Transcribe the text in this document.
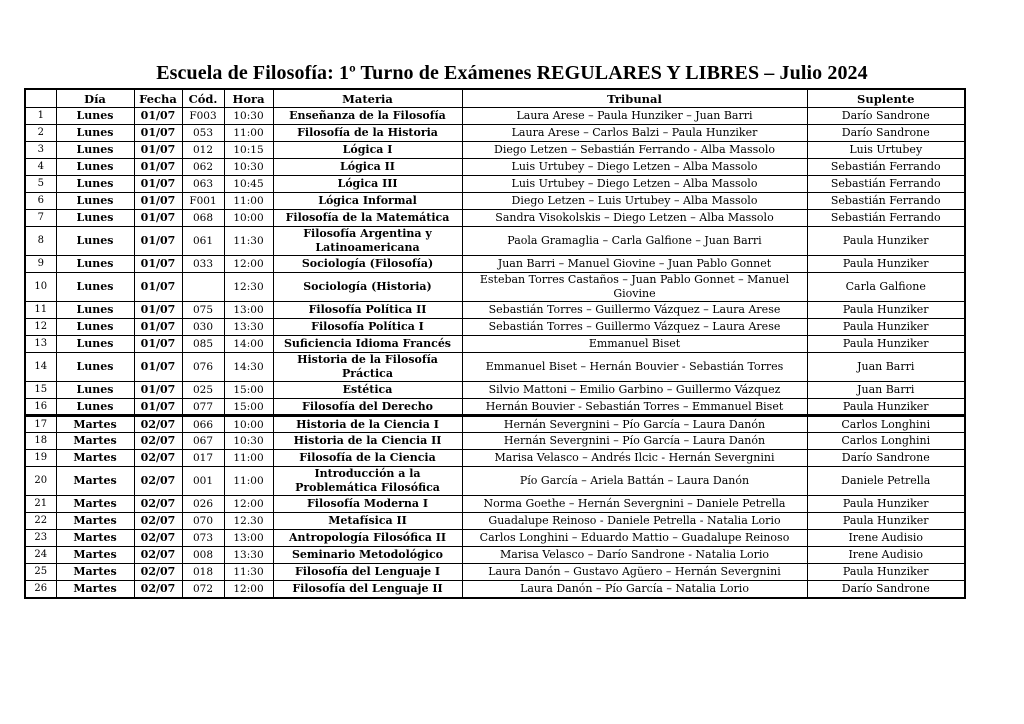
Escuela de Filosofía: 1º Turno de Exámenes REGULARES Y LIBRES – Julio 2024
	Día	Fecha	Cód.	Hora	Materia	Tribunal	Suplente
1	Lunes	01/07	F003	10:30	Enseñanza de la Filosofía	Laura Arese – Paula Hunziker – Juan Barri	Darío Sandrone
2	Lunes	01/07	053	11:00	Filosofía de la Historia	Laura Arese – Carlos Balzi – Paula Hunziker	Darío Sandrone
3	Lunes	01/07	012	10:15	Lógica I	Diego Letzen – Sebastián Ferrando - Alba Massolo	Luis Urtubey
4	Lunes	01/07	062	10:30	Lógica II	Luis Urtubey – Diego Letzen – Alba Massolo	Sebastián Ferrando
5	Lunes	01/07	063	10:45	Lógica III	Luis Urtubey – Diego Letzen – Alba Massolo	Sebastián Ferrando
6	Lunes	01/07	F001	11:00	Lógica Informal	Diego Letzen – Luis Urtubey – Alba Massolo	Sebastián Ferrando
7	Lunes	01/07	068	10:00	Filosofía de la Matemática	Sandra Visokolskis – Diego Letzen – Alba Massolo	Sebastián Ferrando
8	Lunes	01/07	061	11:30	Filosofía Argentina y Latinoamericana	Paola Gramaglia – Carla Galfione – Juan Barri	Paula Hunziker
9	Lunes	01/07	033	12:00	Sociología (Filosofía)	Juan Barri – Manuel Giovine – Juan Pablo Gonnet	Paula Hunziker
10	Lunes	01/07		12:30	Sociología (Historia)	Esteban Torres Castaños – Juan Pablo Gonnet – Manuel Giovine	Carla Galfione
11	Lunes	01/07	075	13:00	Filosofía Política II	Sebastián Torres – Guillermo Vázquez – Laura Arese	Paula Hunziker
12	Lunes	01/07	030	13:30	Filosofía Política I	Sebastián Torres – Guillermo Vázquez – Laura Arese	Paula Hunziker
13	Lunes	01/07	085	14:00	Suficiencia Idioma Francés	Emmanuel Biset	Paula Hunziker
14	Lunes	01/07	076	14:30	Historia de la Filosofía Práctica	Emmanuel Biset – Hernán Bouvier - Sebastián Torres	Juan Barri
15	Lunes	01/07	025	15:00	Estética	Silvio Mattoni – Emilio Garbino – Guillermo Vázquez	Juan Barri
16	Lunes	01/07	077	15:00	Filosofía del Derecho	Hernán Bouvier - Sebastián Torres – Emmanuel Biset	Paula Hunziker
17	Martes	02/07	066	10:00	Historia de la Ciencia I	Hernán Severgnini – Pío García – Laura Danón	Carlos Longhini
18	Martes	02/07	067	10:30	Historia de la Ciencia II	Hernán Severgnini – Pío García – Laura Danón	Carlos Longhini
19	Martes	02/07	017	11:00	Filosofía de la Ciencia	Marisa Velasco – Andrés Ilcic - Hernán Severgnini	Darío Sandrone
20	Martes	02/07	001	11:00	Introducción a la Problemática Filosófica	Pío García – Ariela Battán – Laura Danón	Daniele Petrella
21	Martes	02/07	026	12:00	Filosofía Moderna I	Norma Goethe – Hernán Severgnini – Daniele Petrella	Paula Hunziker
22	Martes	02/07	070	12.30	Metafísica II	Guadalupe Reinoso - Daniele Petrella - Natalia Lorio	Paula Hunziker
23	Martes	02/07	073	13:00	Antropología Filosófica II	Carlos Longhini – Eduardo Mattio – Guadalupe Reinoso	Irene Audisio
24	Martes	02/07	008	13:30	Seminario Metodológico	Marisa Velasco – Darío Sandrone - Natalia Lorio	Irene Audisio
25	Martes	02/07	018	11:30	Filosofía del Lenguaje I	Laura Danón – Gustavo Agüero – Hernán Severgnini	Paula Hunziker
26	Martes	02/07	072	12:00	Filosofía del Lenguaje II	Laura Danón – Pío García – Natalia Lorio	Darío Sandrone
